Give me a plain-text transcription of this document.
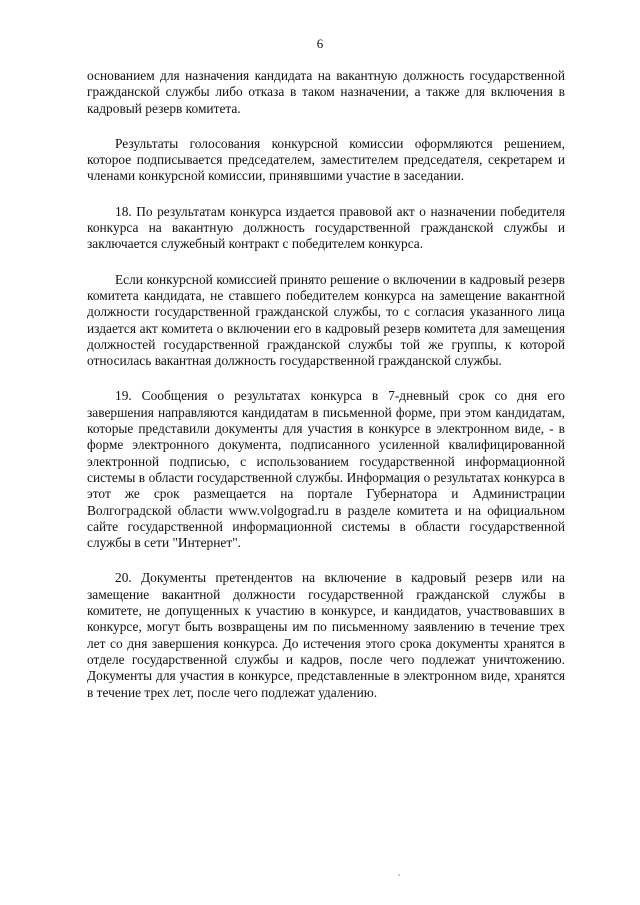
6

основанием для назначения кандидата на вакантную должность государственной гражданской службы либо отказа в таком назначении, а также для включения в кадровый резерв комитета.

Результаты голосования конкурсной комиссии оформляются решением, которое подписывается председателем, заместителем председателя, секретарем и членами конкурсной комиссии, принявшими участие в заседании.

18. По результатам конкурса издается правовой акт о назначении победителя конкурса на вакантную должность государственной гражданской службы и заключается служебный контракт с победителем конкурса.

Если конкурсной комиссией принято решение о включении в кадровый резерв комитета кандидата, не ставшего победителем конкурса на замещение вакантной должности государственной гражданской службы, то с согласия указанного лица издается акт комитета о включении его в кадровый резерв комитета для замещения должностей государственной гражданской службы той же группы, к которой относилась вакантная должность государственной гражданской службы.

19. Сообщения о результатах конкурса в 7-дневный срок со дня его завершения направляются кандидатам в письменной форме, при этом кандидатам, которые представили документы для участия в конкурсе в электронном виде, - в форме электронного документа, подписанного усиленной квалифицированной электронной подписью, с использованием государственной информационной системы в области государственной службы. Информация о результатах конкурса в этот же срок размещается на портале Губернатора и Администрации Волгоградской области www.volgograd.ru в разделе комитета и на официальном сайте государственной информационной системы в области государственной службы в сети "Интернет".

20. Документы претендентов на включение в кадровый резерв или на замещение вакантной должности государственной гражданской службы в комитете, не допущенных к участию в конкурсе, и кандидатов, участвовавших в конкурсе, могут быть возвращены им по письменному заявлению в течение трех лет со дня завершения конкурса. До истечения этого срока документы хранятся в отделе государственной службы и кадров, после чего подлежат уничтожению. Документы для участия в конкурсе, представленные в электронном виде, хранятся в течение трех лет, после чего подлежат удалению.
